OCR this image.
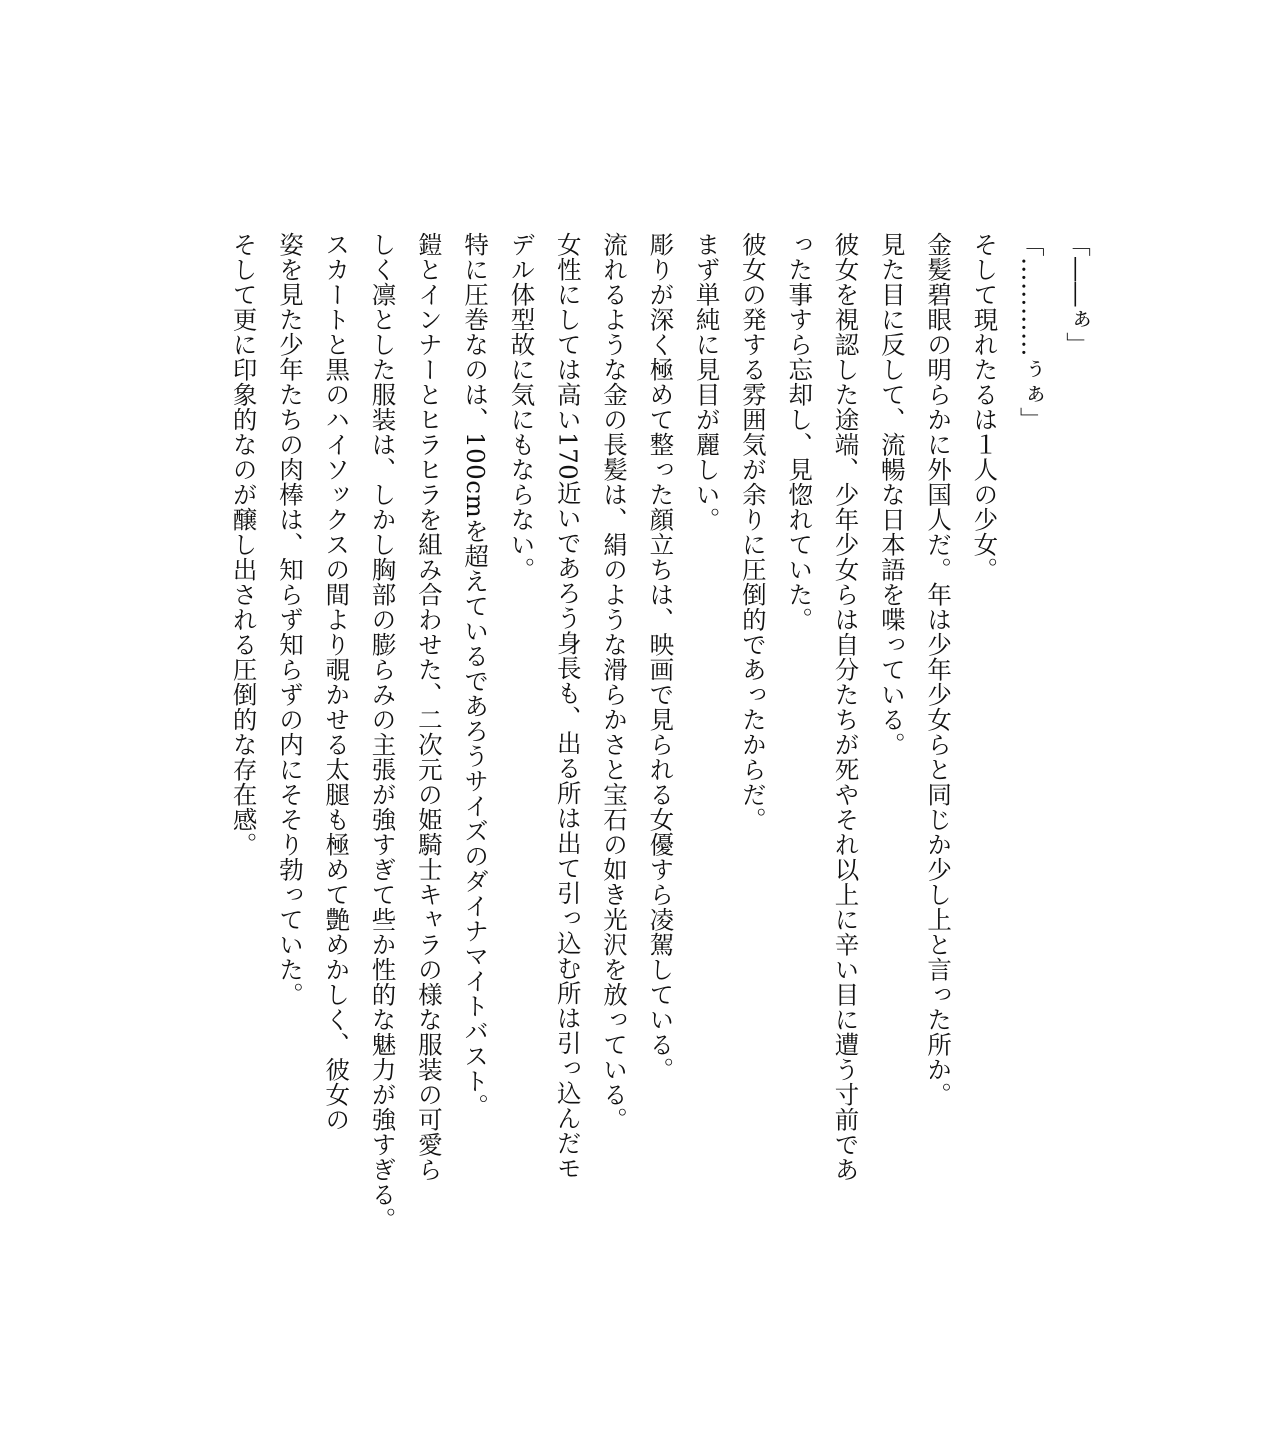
「――ぁ」

「…………ぅぁ」

そして現れたるは１人の少女。

金髪碧眼の明らかに外国人だ。年は少年少女らと同じか少し上と言った所か。

見た目に反して、流暢な日本語を喋っている。

彼女を視認した途端、少年少女らは自分たちが死やそれ以上に辛い目に遭う寸前であ

った事すら忘却し、見惚れていた。

彼女の発する雰囲気が余りに圧倒的であったからだ。

まず単純に見目が麗しい。

彫りが深く極めて整った顔立ちは、映画で見られる女優すら凌駕している。

流れるような金の長髪は、絹のような滑らかさと宝石の如き光沢を放っている。

女性にしては高い170近いであろう身長も、出る所は出て引っ込む所は引っ込んだモ

デル体型故に気にもならない。

特に圧巻なのは、100cmを超えているであろうサイズのダイナマイトバスト。

鎧とインナーとヒラヒラを組み合わせた、二次元の姫騎士キャラの様な服装の可愛ら

しく凛とした服装は、しかし胸部の膨らみの主張が強すぎて些か性的な魅力が強すぎる。

スカートと黒のハイソックスの間より覗かせる太腿も極めて艶めかしく、彼女の

姿を見た少年たちの肉棒は、知らず知らずの内にそそり勃っていた。

そして更に印象的なのが醸し出される圧倒的な存在感。
